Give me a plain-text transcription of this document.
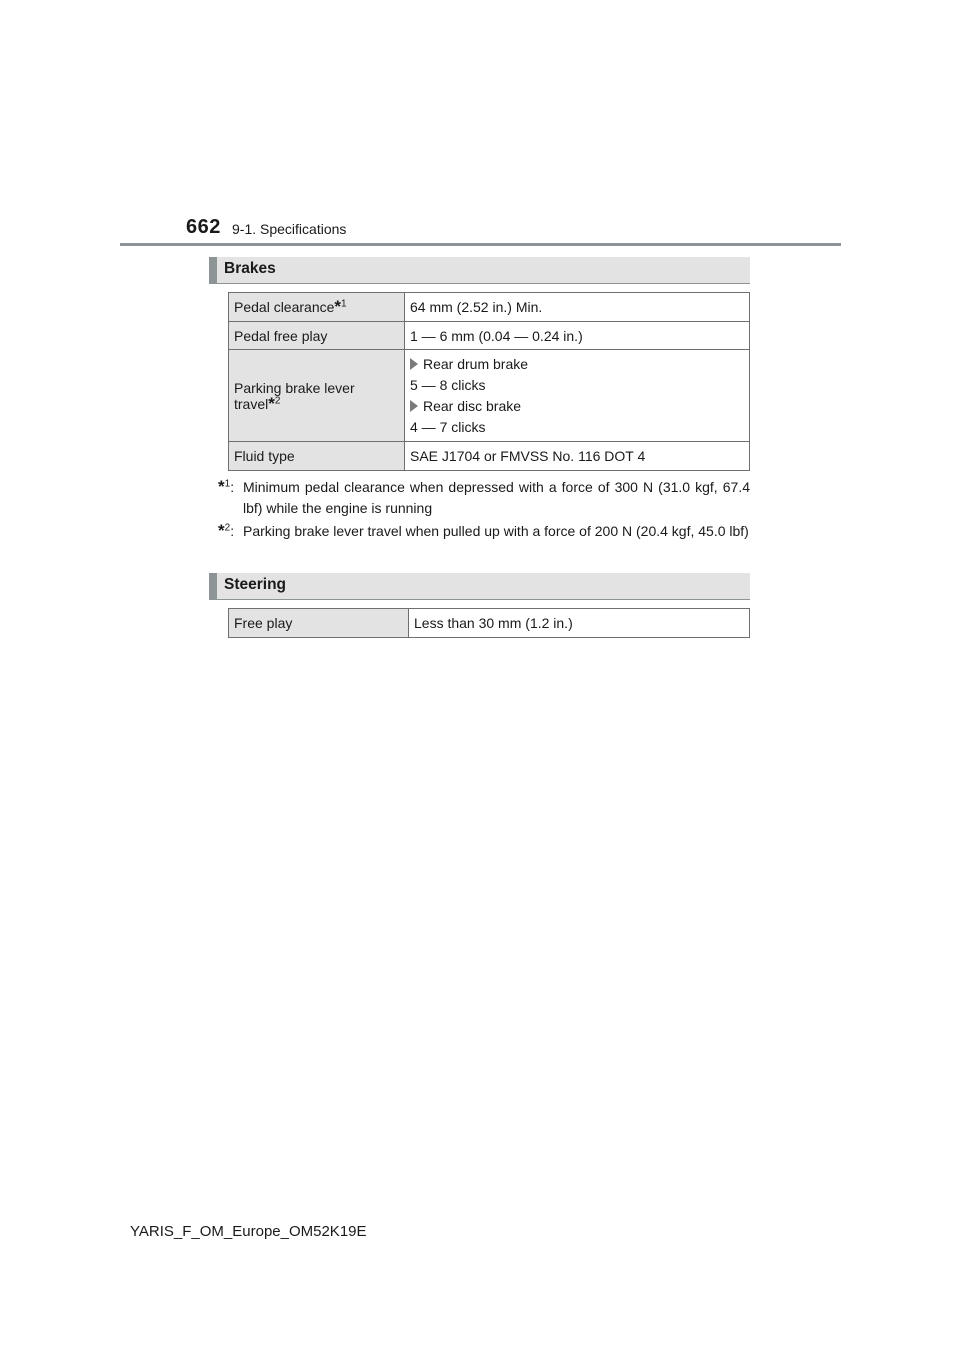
662 9-1. Specifications
Brakes
Pedal clearance*$^1$	64 mm (2.52 in.) Min.
Pedal free play	1 — 6 mm (0.04 — 0.24 in.)
Parking brake lever travel*$^2$	Rear drum brake
5 — 8 clicks
Rear disc brake
4 — 7 clicks

Fluid type	SAE J1704 or FMVSS No. 116 DOT 4
*$^1$: Minimum pedal clearance when depressed with a force of 300 N (31.0 kgf, 67.4 lbf) while the engine is running
*$^2$: Parking brake lever travel when pulled up with a force of 200 N (20.4 kgf, 45.0 lbf)
Steering
Free play	Less than 30 mm (1.2 in.)
YARIS_F_OM_Europe_OM52K19E
